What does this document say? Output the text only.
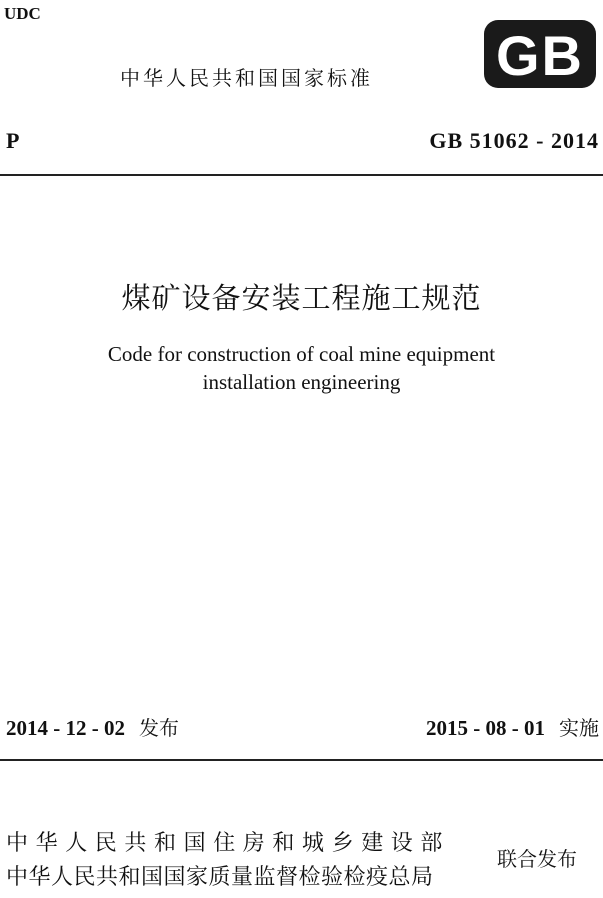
UDC
中华人民共和国国家标准 GB
P	GB 51062 - 2014
煤矿设备安装工程施工规范
Code for construction of coal mine equipment
installation engineering
2014 - 12 - 02 发布	2015 - 08 - 01 实施
中华人民共和国住房和城乡建设部
中华人民共和国国家质量监督检验检疫总局
联合发布
